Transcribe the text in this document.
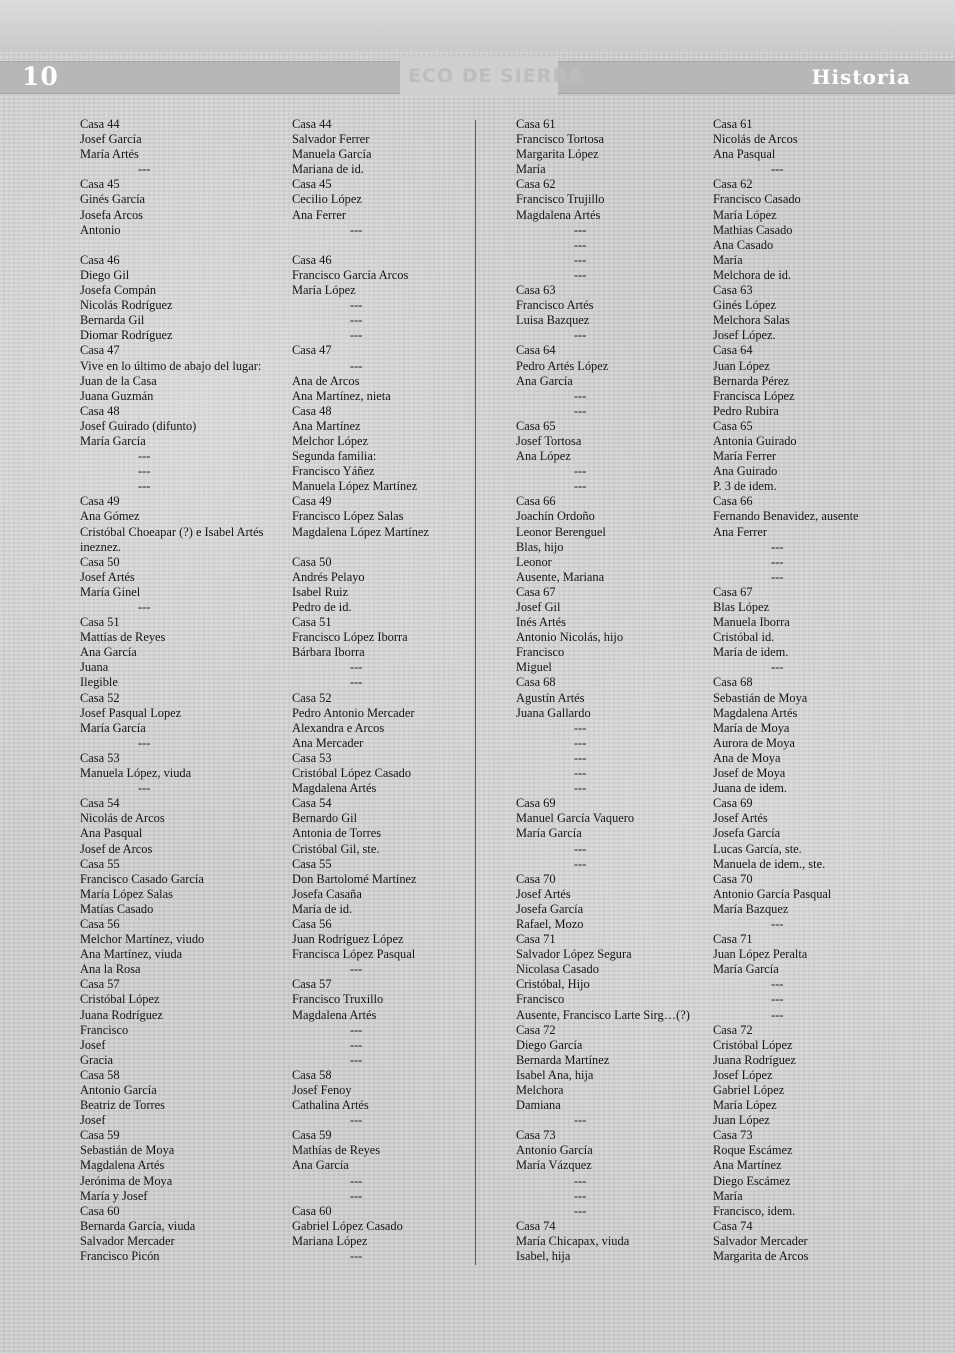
ECO DE SIERRA
10	Historia
Casa 44
Josef García
María Artés
---
Casa 45
Ginés García
Josefa Arcos
Antonio
Casa 46
Diego Gil
Josefa Compán
Nicolás Rodríguez
Bernarda Gil
Diomar Rodríguez
Casa 47
Vive en lo último de abajo del lugar:
Juan de la Casa
Juana Guzmán
Casa 48
Josef Guirado (difunto)
María García
---
---
---
Casa 49
Ana Gómez
Cristóbal Choeapar (?) e Isabel Artés ineznez.
Casa 50
Josef Artés
María Ginel
---
Casa 51
Mattías de Reyes
Ana García
Juana
Ilegible
Casa 52
Josef Pasqual Lopez
María García
---
Casa 53
Manuela López, viuda
---
Casa 54
Nicolás de Arcos
Ana Pasqual
Josef de Arcos
Casa 55
Francisco Casado García
María López Salas
Matías Casado
Casa 56
Melchor Martínez, viudo
Ana Martínez, viuda
Ana la Rosa
Casa 57
Cristóbal López
Juana Rodríguez
Francisco
Josef
Gracia
Casa 58
Antonio García
Beatriz de Torres
Josef
Casa 59
Sebastián de Moya
Magdalena Artés
Jerónima de Moya
María y Josef
Casa 60
Bernarda García, viuda
Salvador Mercader
Francisco Picón
Casa 44
Salvador Ferrer
Manuela García
Mariana de id.
Casa 45
Cecilio López
Ana Ferrer
---
Casa 46
Francisco García Arcos
María López
---
---
---
Casa 47
---
Ana de Arcos
Ana Martínez, nieta
Casa 48
Ana Martínez
Melchor López
Segunda familia:
Francisco Yáñez
Manuela López Martínez
Casa 49
Francisco López Salas
Magdalena López Martínez
Casa 50
Andrés Pelayo
Isabel Ruiz
Pedro de id.
Casa 51
Francisco López Iborra
Bárbara Iborra
---
---
Casa 52
Pedro Antonio Mercader
Alexandra e Arcos
Ana Mercader
Casa 53
Cristóbal López Casado
Magdalena Artés
Casa 54
Bernardo Gil
Antonia de Torres
Cristóbal Gil, ste.
Casa 55
Don Bartolomé Martínez
Josefa Casaña
María de id.
Casa 56
Juan Rodríguez López
Francisca López Pasqual
---
Casa 57
Francisco Truxillo
Magdalena Artés
---
---
---
Casa 58
Josef Fenoy
Cathalina Artés
---
Casa 59
Mathías de Reyes
Ana García
---
---
Casa 60
Gabriel López Casado
Mariana López
---
Casa 61
Francisco Tortosa
Margarita López
María
Casa 62
Francisco Trujillo
Magdalena Artés
---
---
---
---
Casa 63
Francisco Artés
Luisa Bazquez
---
Casa 64
Pedro Artés López
Ana García
---
---
Casa 65
Josef Tortosa
Ana López
---
---
Casa 66
Joachín Ordoño
Leonor Berenguel
Blas, hijo
Leonor
Ausente, Mariana
Casa 67
Josef Gil
Inés Artés
Antonio Nicolás, hijo
Francisco
Miguel
Casa 68
Agustín Artés
Juana Gallardo
---
---
---
---
---
Casa 69
Manuel García Vaquero
María García
---
---
Casa 70
Josef Artés
Josefa García
Rafael, Mozo
Casa 71
Salvador López Segura
Nicolasa Casado
Cristóbal, Hijo
Francisco
Ausente, Francisco Larte Sirg…(?)
Casa 72
Diego García
Bernarda Martínez
Isabel Ana, hija
Melchora
Damiana
---
Casa 73
Antonio García
María Vázquez
---
---
---
Casa 74
María Chicapax, viuda
Isabel, hija
Casa 61
Nicolás de Arcos
Ana Pasqual
---
Casa 62
Francisco Casado
María López
Mathias Casado
Ana Casado
María
Melchora de id.
Casa 63
Ginés López
Melchora Salas
Josef López.
Casa 64
Juan López
Bernarda Pérez
Francisca López
Pedro Rubira
Casa 65
Antonia Guirado
María Ferrer
Ana Guirado
P. 3 de idem.
Casa 66
Fernando Benavidez, ausente
Ana Ferrer
---
---
---
Casa 67
Blas López
Manuela Iborra
Cristóbal id.
María de idem.
---
Casa 68
Sebastián de Moya
Magdalena Artés
María de Moya
Aurora de Moya
Ana de Moya
Josef de Moya
Juana de idem.
Casa 69
Josef Artés
Josefa García
Lucas García, ste.
Manuela de idem., ste.
Casa 70
Antonio García Pasqual
María Bazquez
---
Casa 71
Juan López Peralta
María García
---
---
---
Casa 72
Cristóbal López
Juana Rodríguez
Josef López
Gabriel López
María López
Juan López
Casa 73
Roque Escámez
Ana Martínez
Diego Escámez
María
Francisco, idem.
Casa 74
Salvador Mercader
Margarita de Arcos
